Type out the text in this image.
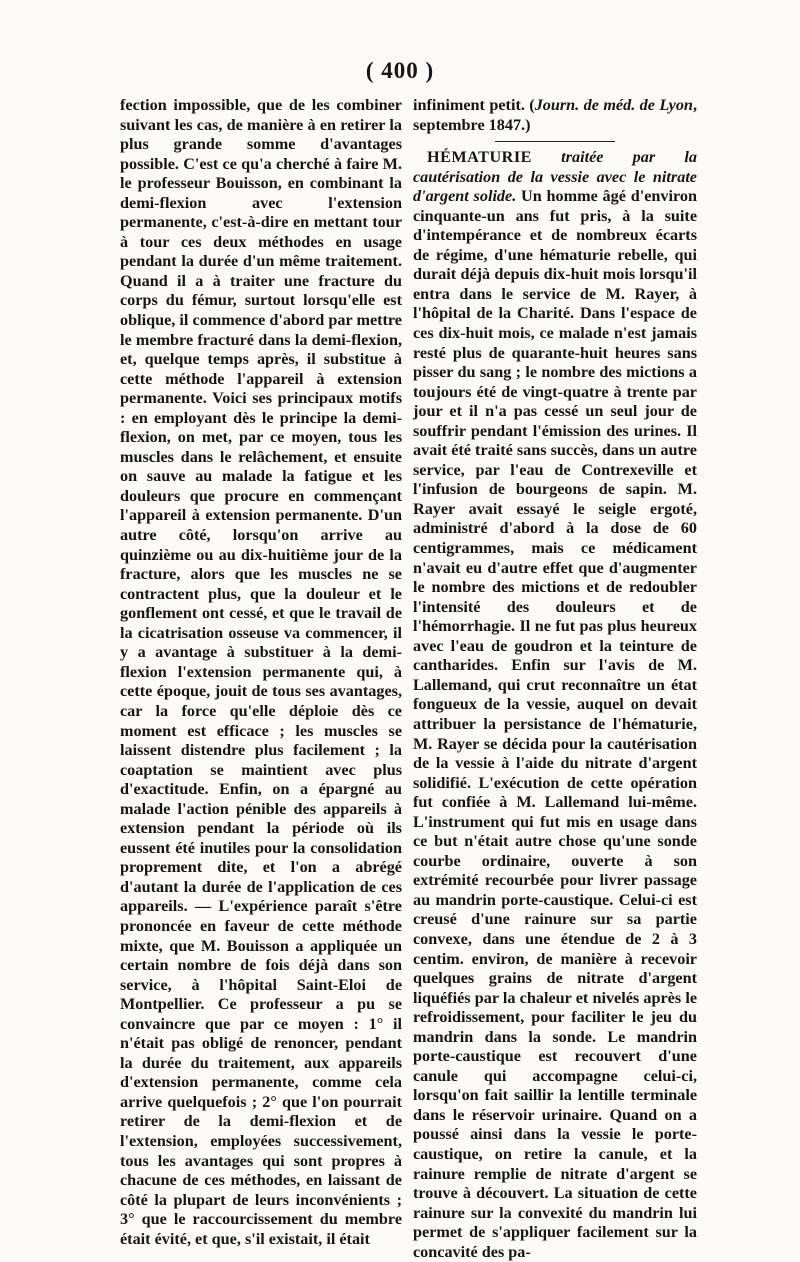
( 400 )

fection impossible, que de les combiner suivant les cas, de manière à en retirer la plus grande somme d'avantages possible. C'est ce qu'a cherché à faire M. le professeur Bouisson, en combinant la demi-flexion avec l'extension permanente, c'est-à-dire en mettant tour à tour ces deux méthodes en usage pendant la durée d'un même traitement. Quand il a à traiter une fracture du corps du fémur, surtout lorsqu'elle est oblique, il commence d'abord par mettre le membre fracturé dans la demi-flexion, et, quelque temps après, il substitue à cette méthode l'appareil à extension permanente. Voici ses principaux motifs : en employant dès le principe la demi-flexion, on met, par ce moyen, tous les muscles dans le relâchement, et ensuite on sauve au malade la fatigue et les douleurs que procure en commençant l'appareil à extension permanente. D'un autre côté, lorsqu'on arrive au quinzième ou au dix-huitième jour de la fracture, alors que les muscles ne se contractent plus, que la douleur et le gonflement ont cessé, et que le travail de la cicatrisation osseuse va commencer, il y a avantage à substituer à la demi-flexion l'extension permanente qui, à cette époque, jouit de tous ses avantages, car la force qu'elle déploie dès ce moment est efficace ; les muscles se laissent distendre plus facilement ; la coaptation se maintient avec plus d'exactitude. Enfin, on a épargné au malade l'action pénible des appareils à extension pendant la période où ils eussent été inutiles pour la consolidation proprement dite, et l'on a abrégé d'autant la durée de l'application de ces appareils. — L'expérience paraît s'être prononcée en faveur de cette méthode mixte, que M. Bouisson a appliquée un certain nombre de fois déjà dans son service, à l'hôpital Saint-Eloi de Montpellier. Ce professeur a pu se convaincre que par ce moyen : 1° il n'était pas obligé de renoncer, pendant la durée du traitement, aux appareils d'extension permanente, comme cela arrive quelquefois ; 2° que l'on pourrait retirer de la demi-flexion et de l'extension, employées successivement, tous les avantages qui sont propres à chacune de ces méthodes, en laissant de côté la plupart de leurs inconvénients ; 3° que le raccourcissement du membre était évité, et que, s'il existait, il était

infiniment petit. (Journ. de méd. de Lyon, septembre 1847.)

HÉMATURIE traitée par la cautérisation de la vessie avec le nitrate d'argent solide. Un homme âgé d'environ cinquante-un ans fut pris, à la suite d'intempérance et de nombreux écarts de régime, d'une hématurie rebelle, qui durait déjà depuis dix-huit mois lorsqu'il entra dans le service de M. Rayer, à l'hôpital de la Charité. Dans l'espace de ces dix-huit mois, ce malade n'est jamais resté plus de quarante-huit heures sans pisser du sang ; le nombre des mictions a toujours été de vingt-quatre à trente par jour et il n'a pas cessé un seul jour de souffrir pendant l'émission des urines. Il avait été traité sans succès, dans un autre service, par l'eau de Contrexeville et l'infusion de bourgeons de sapin. M. Rayer avait essayé le seigle ergoté, administré d'abord à la dose de 60 centigrammes, mais ce médicament n'avait eu d'autre effet que d'augmenter le nombre des mictions et de redoubler l'intensité des douleurs et de l'hémorrhagie. Il ne fut pas plus heureux avec l'eau de goudron et la teinture de cantharides. Enfin sur l'avis de M. Lallemand, qui crut reconnaître un état fongueux de la vessie, auquel on devait attribuer la persistance de l'hématurie, M. Rayer se décida pour la cautérisation de la vessie à l'aide du nitrate d'argent solidifié. L'exécution de cette opération fut confiée à M. Lallemand lui-même. L'instrument qui fut mis en usage dans ce but n'était autre chose qu'une sonde courbe ordinaire, ouverte à son extrémité recourbée pour livrer passage au mandrin porte-caustique. Celui-ci est creusé d'une rainure sur sa partie convexe, dans une étendue de 2 à 3 centim. environ, de manière à recevoir quelques grains de nitrate d'argent liquéfiés par la chaleur et nivelés après le refroidissement, pour faciliter le jeu du mandrin dans la sonde. Le mandrin porte-caustique est recouvert d'une canule qui accompagne celui-ci, lorsqu'on fait saillir la lentille terminale dans le réservoir urinaire. Quand on a poussé ainsi dans la vessie le porte-caustique, on retire la canule, et la rainure remplie de nitrate d'argent se trouve à découvert. La situation de cette rainure sur la convexité du mandrin lui permet de s'appliquer facilement sur la concavité des pa-
